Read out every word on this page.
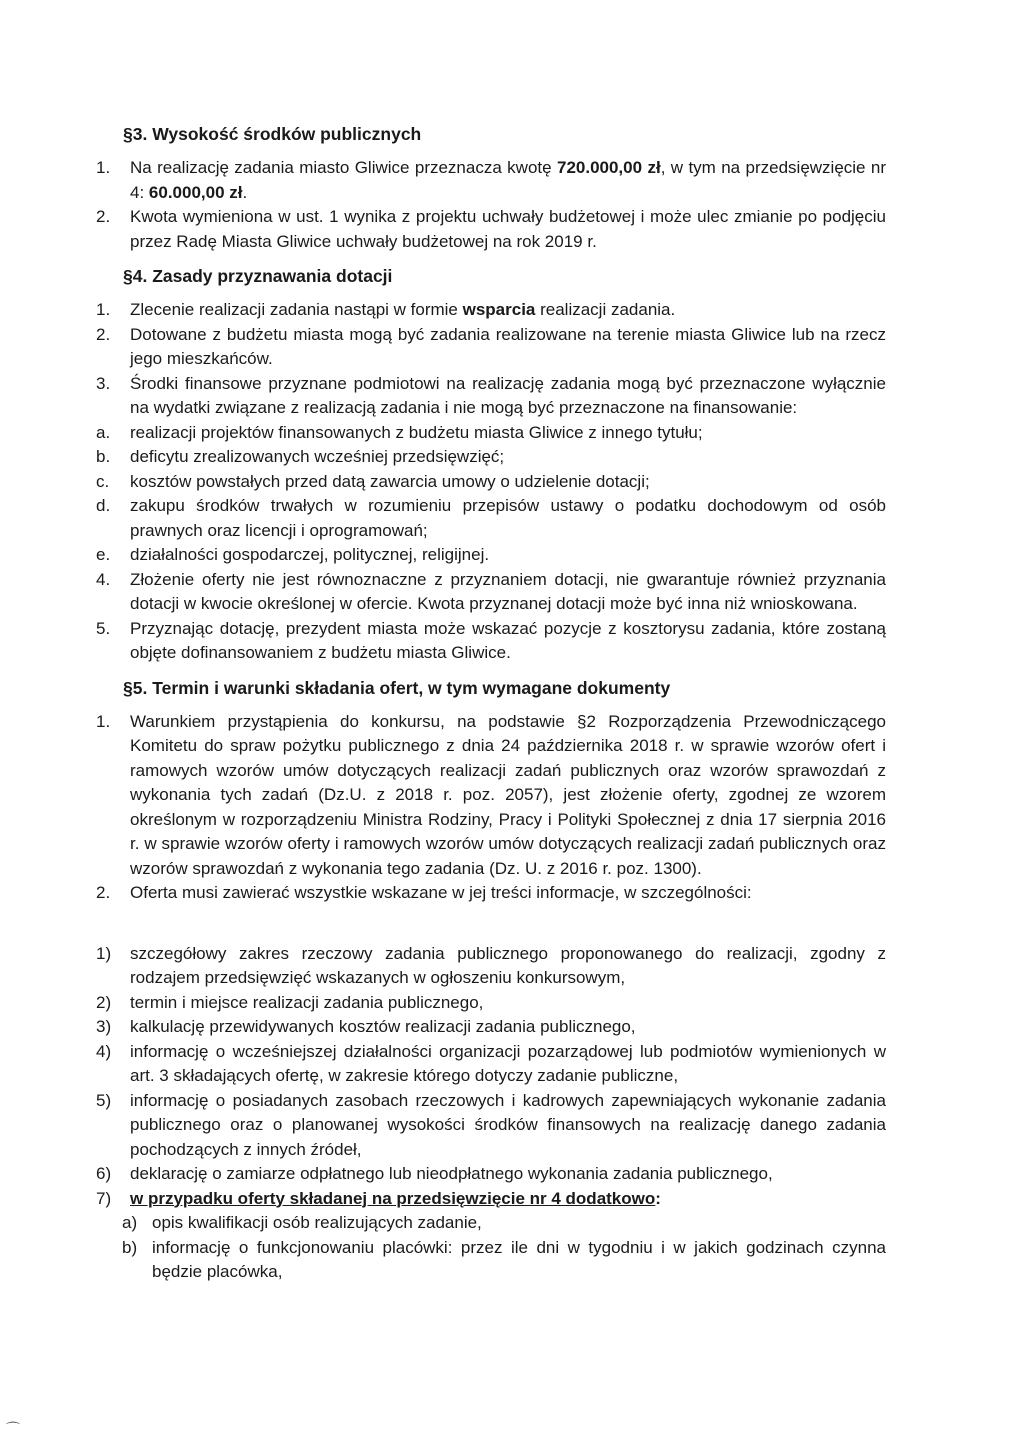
§3. Wysokość środków publicznych
1.	Na realizację zadania miasto Gliwice przeznacza kwotę 720.000,00 zł, w tym na przedsięwzięcie nr 4: 60.000,00 zł.
2.	Kwota wymieniona w ust. 1 wynika z projektu uchwały budżetowej i może ulec zmianie po podjęciu przez Radę Miasta Gliwice uchwały budżetowej na rok 2019 r.
§4. Zasady przyznawania dotacji
1.	Zlecenie realizacji zadania nastąpi w formie wsparcia realizacji zadania.
2.	Dotowane z budżetu miasta mogą być zadania realizowane na terenie miasta Gliwice lub na rzecz jego mieszkańców.
3.	Środki finansowe przyznane podmiotowi na realizację zadania mogą być przeznaczone wyłącznie na wydatki związane z realizacją zadania i nie mogą być przeznaczone na finansowanie:
a.	realizacji projektów finansowanych z budżetu miasta Gliwice z innego tytułu;
b.	deficytu zrealizowanych wcześniej przedsięwzięć;
c.	kosztów powstałych przed datą zawarcia umowy o udzielenie dotacji;
d.	zakupu środków trwałych w rozumieniu przepisów ustawy o podatku dochodowym od osób prawnych oraz licencji i oprogramowań;
e.	działalności gospodarczej, politycznej, religijnej.
4.	Złożenie oferty nie jest równoznaczne z przyznaniem dotacji, nie gwarantuje również przyznania dotacji w kwocie określonej w ofercie. Kwota przyznanej dotacji może być inna niż wnioskowana.
5.	Przyznając dotację, prezydent miasta może wskazać pozycje z kosztorysu zadania, które zostaną objęte dofinansowaniem z budżetu miasta Gliwice.
§5. Termin i warunki składania ofert, w tym wymagane dokumenty
1.	Warunkiem przystąpienia do konkursu, na podstawie §2 Rozporządzenia Przewodniczącego Komitetu do spraw pożytku publicznego z dnia 24 października 2018 r. w sprawie wzorów ofert i ramowych wzorów umów dotyczących realizacji zadań publicznych oraz wzorów sprawozdań z wykonania tych zadań (Dz.U. z 2018 r. poz. 2057), jest złożenie oferty, zgodnej ze wzorem określonym w rozporządzeniu Ministra Rodziny, Pracy i Polityki Społecznej z dnia 17 sierpnia 2016 r. w sprawie wzorów oferty i ramowych wzorów umów dotyczących realizacji zadań publicznych oraz wzorów sprawozdań z wykonania tego zadania (Dz. U. z 2016 r. poz. 1300).
2.	Oferta musi zawierać wszystkie wskazane w jej treści informacje, w szczególności:
1)	szczegółowy zakres rzeczowy zadania publicznego proponowanego do realizacji, zgodny z rodzajem przedsięwzięć wskazanych w ogłoszeniu konkursowym,
2)	termin i miejsce realizacji zadania publicznego,
3)	kalkulację przewidywanych kosztów realizacji zadania publicznego,
4)	informację o wcześniejszej działalności organizacji pozarządowej lub podmiotów wymienionych w art. 3 składających ofertę, w zakresie którego dotyczy zadanie publiczne,
5)	informację o posiadanych zasobach rzeczowych i kadrowych zapewniających wykonanie zadania publicznego oraz o planowanej wysokości środków finansowych na realizację danego zadania pochodzących z innych źródeł,
6)	deklarację o zamiarze odpłatnego lub nieodpłatnego wykonania zadania publicznego,
7)	w przypadku oferty składanej na przedsięwzięcie nr 4 dodatkowo:
a) opis kwalifikacji osób realizujących zadanie,
b) informację o funkcjonowaniu placówki: przez ile dni w tygodniu i w jakich godzinach czynna będzie placówka,
⌒
